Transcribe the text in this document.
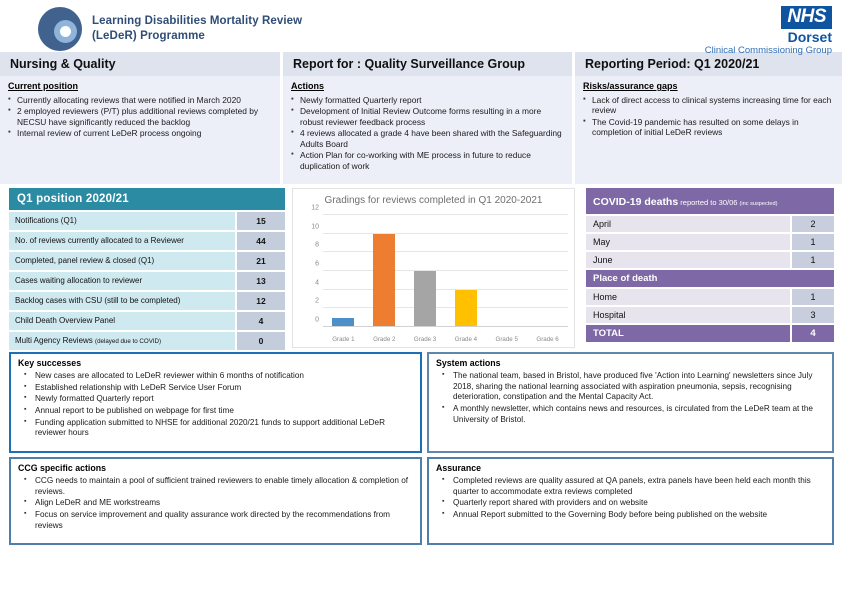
Learning Disabilities Mortality Review
(LeDeR) Programme
NHS
Dorset
Clinical Commissioning Group
Nursing & Quality	Report for : Quality Surveillance Group	Reporting Period: Q1 2020/21
Current position
▪ Currently allocating reviews that were notified in March 2020
▪ 2 employed reviewers (P/T) plus additional reviews completed by NECSU have significantly reduced the backlog
▪ Internal review of current LeDeR process ongoing
Actions
▪ Newly formatted Quarterly report
▪ Development of Initial Review Outcome forms resulting in a more robust reviewer feedback process
▪ 4 reviews allocated a grade 4 have been shared with the Safeguarding Adults Board
▪ Action Plan for co-working with ME process in future to reduce duplication of work
Risks/assurance gaps
▪ Lack of direct access to clinical systems increasing time for each review
▪ The Covid-19 pandemic has resulted on some delays in completion of initial LeDeR reviews
Q1 position 2020/21
Notifications (Q1)	15
No. of reviews currently allocated to a Reviewer	44
Completed, panel review & closed (Q1)	21
Cases waiting allocation to reviewer	13
Backlog cases with CSU (still to be completed)	12
Child Death Overview Panel	4
Multi Agency Reviews (delayed due to COVID)	0
Gradings for reviews completed in Q1 2020-2021
0
2
4
6
8
10
12
Grade 1	Grade 2	Grade 3	Grade 4	Grade 5	Grade 6
COVID-19 deaths reported to 30/06 (inc suspected)
April	2
May	1
June	1
Place of death
Home	1
Hospital	3
TOTAL	4
Key successes
▪ New cases are allocated to LeDeR reviewer within 6 months of notification
▪ Established relationship with LeDeR Service User Forum
▪ Newly formatted Quarterly report
▪ Annual report to be published on webpage for first time
▪ Funding application submitted to NHSE for additional 2020/21 funds to support additional LeDeR reviewer hours
System actions
▪ The national team, based in Bristol, have produced five 'Action into Learning' newsletters since July 2018, sharing the national learning associated with aspiration pneumonia, sepsis, recognising deterioration, constipation and the Mental Capacity Act.
▪ A monthly newsletter, which contains news and resources, is circulated from the LeDeR team at the University of Bristol.
CCG specific actions
▪ CCG needs to maintain a pool of sufficient trained reviewers to enable timely allocation & completion of reviews.
▪ Align LeDeR and ME workstreams
▪ Focus on service improvement and quality assurance work directed by the recommendations from reviews
Assurance
▪ Completed reviews are quality assured at QA panels, extra panels have been held each month this quarter to accommodate extra reviews completed
▪ Quarterly report shared with providers and on website
▪ Annual Report submitted to the Governing Body before being published on the website
